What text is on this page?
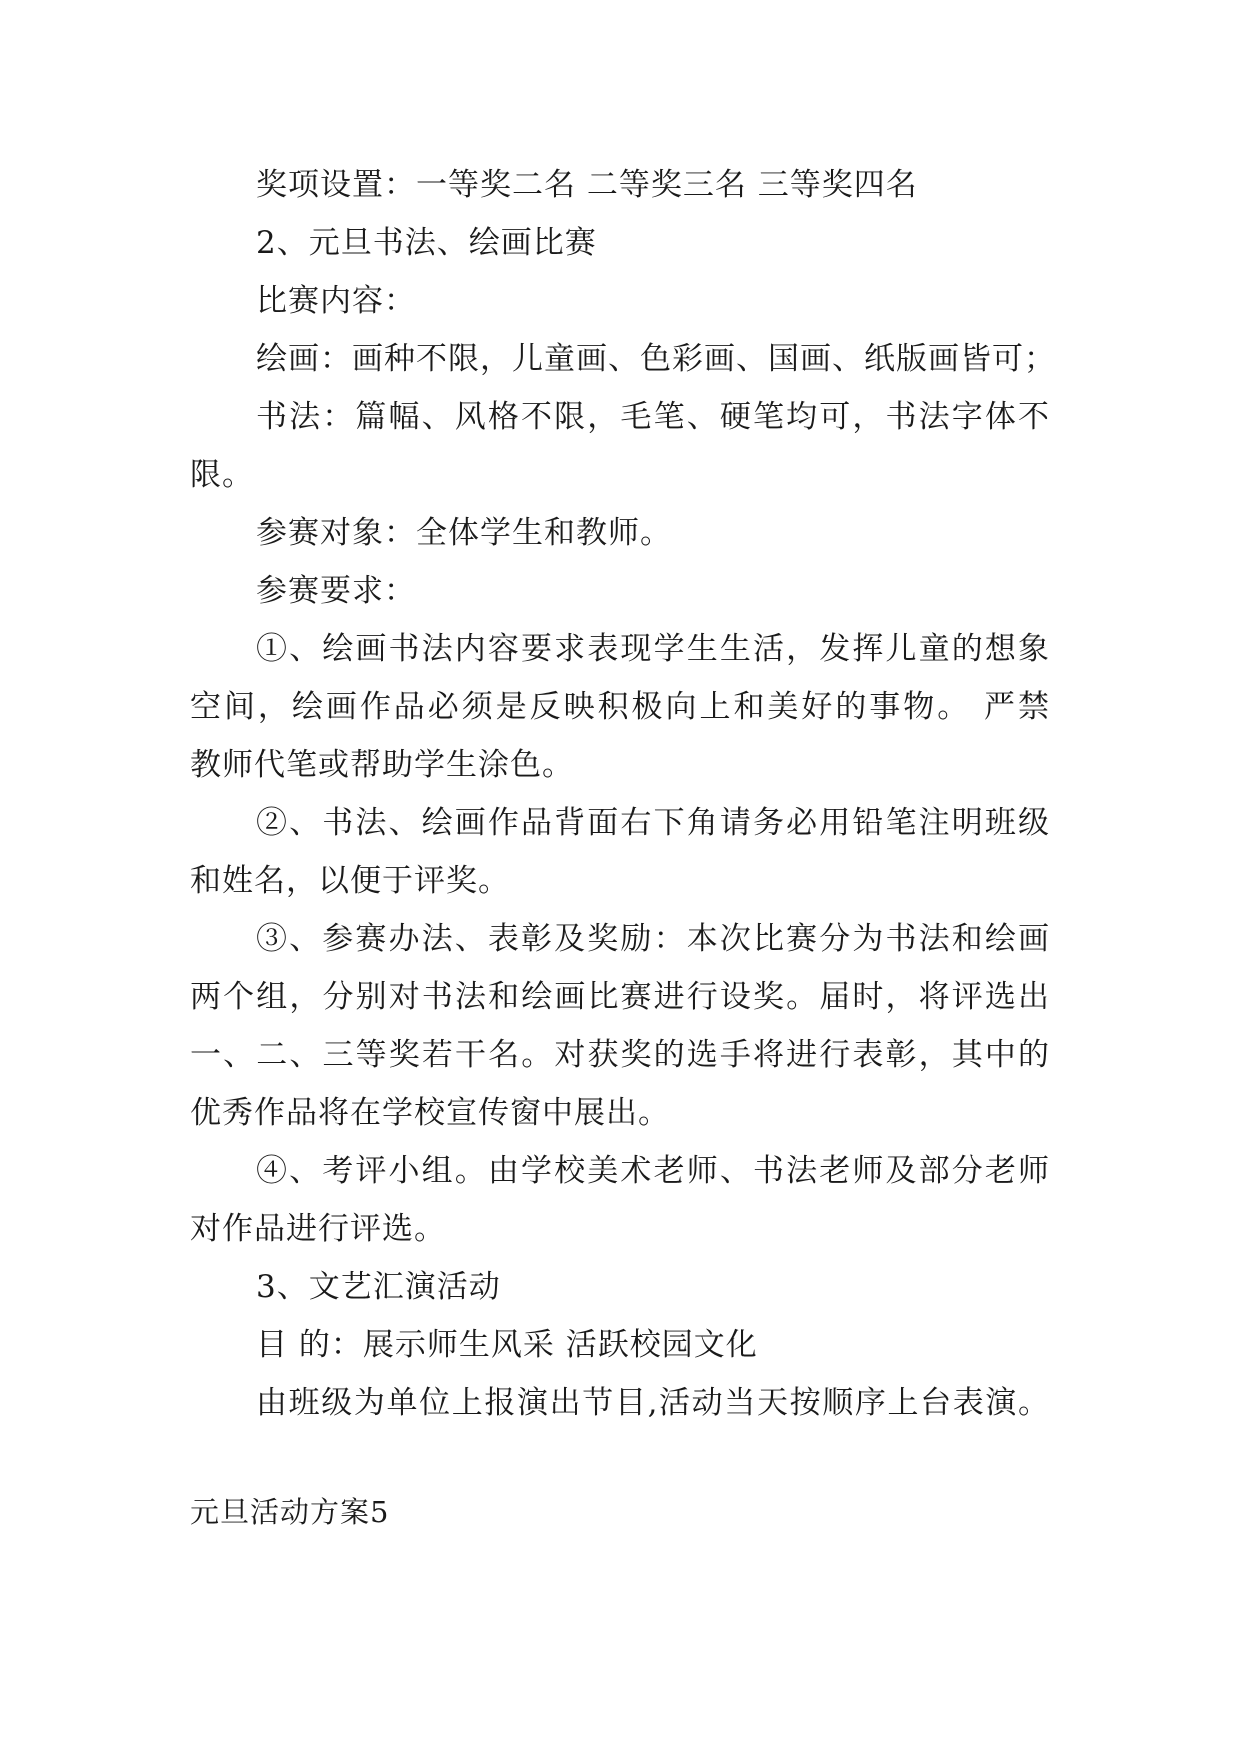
奖项设置：一等奖二名 二等奖三名 三等奖四名
2、元旦书法、绘画比赛
比赛内容：
绘画：画种不限，儿童画、色彩画、国画、纸版画皆可；
书法：篇幅、风格不限，毛笔、硬笔均可，书法字体不
限。
参赛对象：全体学生和教师。
参赛要求：
①、绘画书法内容要求表现学生生活，发挥儿童的想象
空间，绘画作品必须是反映积极向上和美好的事物。 严禁
教师代笔或帮助学生涂色。
②、书法、绘画作品背面右下角请务必用铅笔注明班级
和姓名，以便于评奖。
③、参赛办法、表彰及奖励：本次比赛分为书法和绘画
两个组，分别对书法和绘画比赛进行设奖。届时，将评选出
一、二、三等奖若干名。对获奖的选手将进行表彰，其中的
优秀作品将在学校宣传窗中展出。
④、考评小组。由学校美术老师、书法老师及部分老师
对作品进行评选。
3、文艺汇演活动
目 的：展示师生风采 活跃校园文化
由班级为单位上报演出节目,活动当天按顺序上台表演。
元旦活动方案5
